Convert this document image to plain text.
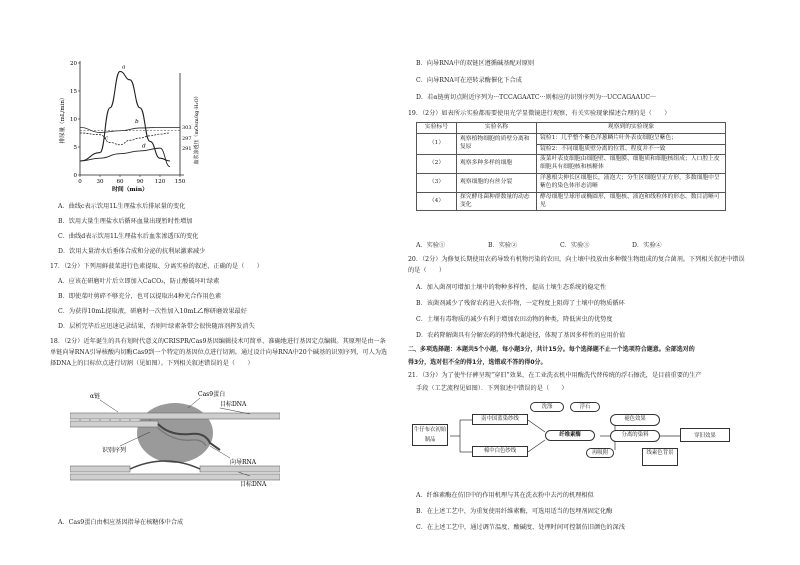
0	30 60 90 120 150
0
5
10
15
20
291
297
303
时间（min）
排尿量（mL/min）	血浆渗透压（mOsm/kg·H₂O）
a
b
c
d
A．曲线c表示饮用1L生理盐水后排尿量的变化
B．饮用大量生理盐水后循环血量出现暂时性增加
C．曲线d表示饮用1L生理盐水后血浆渗透压的变化
D．饮用大量清水后垂体合成和分泌的抗利尿激素减少
17．（2分）下列用鲜菠菜进行色素提取、分离实验的叙述，正确的是（　　）
A．应该在研磨叶片后立即加入CaCO₃，防止酸破坏叶绿素
B．即使菜叶剪碎不够充分，也可以提取出4种光合作用色素
C．为获得10mL提取液，研磨时一次性加入10mL乙醇研磨效果最好
D．层析完毕后应迅速记录结果，否则叶绿素条带会很快随溶剂挥发消失
18．（2分）近年诞生的具有划时代意义的CRISPR/Cas9基因编辑技术可简单、准确地进行基因定点编辑。其原理是由一条单链向导RNA引导核酸内切酶Cas9到一个特定的基因位点进行切割。通过设计向导RNA中20个碱基的识别序列，可人为选择DNA上的目标位点进行切割（见如图）。下列相关叙述错误的是（　　）
α链	Cas9蛋白
目标DNA
识别序列
向导RNA
目标DNA
A．Cas9蛋白由相应基因指导在核糖体中合成
B．向导RNA中的双链区遵循碱基配对原则
C．向导RNA可在逆转录酶催化下合成
D．若α链剪切点附近序列为···TCCAGAATC···则相应的识别序列为···UCCAGAAUC···
19．（2分）如表所示实验都需要使用光学显微镜进行观察，有关实验现象描述合理的是（　　）
实验标号	实验名称	观察到的实验现象
（1）	观察植物细胞的质壁分离和复原	镜检1：几乎整个紫色洋葱鳞片叶外表皮细胞呈紫色；
		镜检2：不同细胞质壁分离的位置、程度并不一致
（2）	观察多种多样的细胞	菠菜叶表皮细胞由细胞壁、细胞膜、细胞质和细胞核组成；人口腔上皮细胞具有细胞核和核糖体
（3）	观察细胞的有丝分裂	洋葱根尖伸长区细胞长，液泡大；分生区细胞呈正方形，多数细胞中呈紫色的染色体形态清晰
（4）	探究酵母菌种群数量的动态变化	酵母细胞呈球形或椭圆形，细胞核、液泡和线粒体的形态、数目清晰可见
A．实验①	B．实验②	C．实验③	D．实验④
20．（2分）为修复长期使用农药导致有机物污染的农田，向土壤中投放由多种微生物组成的复合菌剂。下列相关叙述中错误的是（　　）
A．加入菌剂可增加土壤中的物种多样性，提高土壤生态系统的稳定性
B．该菌剂减少了残留农药进入农作物，一定程度上阻碍了土壤中的物质循环
C．土壤有毒物质的减少有利于增加农田动物的种类，降低害虫的优势度
D．农药降解菌具有分解农药的特殊代谢途径，体现了基因多样性的应用价值
二、多项选择题：本题共5个小题，每小题3分，共计15分。每个选择题不止一个选项符合题意。全部选对的
得3分，选对但不全的得1分，选错或不答的得0分。
21．（3分）为了使牛仔裤呈现“穿旧”效果，在工业洗衣机中用酶洗代替传统的浮石擦洗，是目前重要的生产
手段（工艺流程见如图）．下列叙述中错误的是（　　）
牛仔布衣初始制品
南中国蓝染纱线
棉中白色纱线
洗涤
纤维素酶
浮石
褪色效果
分离的染料
再吸附	线素色背景
穿旧效果
A．纤维素酶在仿旧中的作用机理与其在洗衣粉中去污的机理相似
B．在上述工艺中，为重复使用纤维素酶，可选用适当的包埋剂固定化酶
C．在上述工艺中，通过调节温度、酸碱度、处理时间可控制仿旧颜色的深浅
